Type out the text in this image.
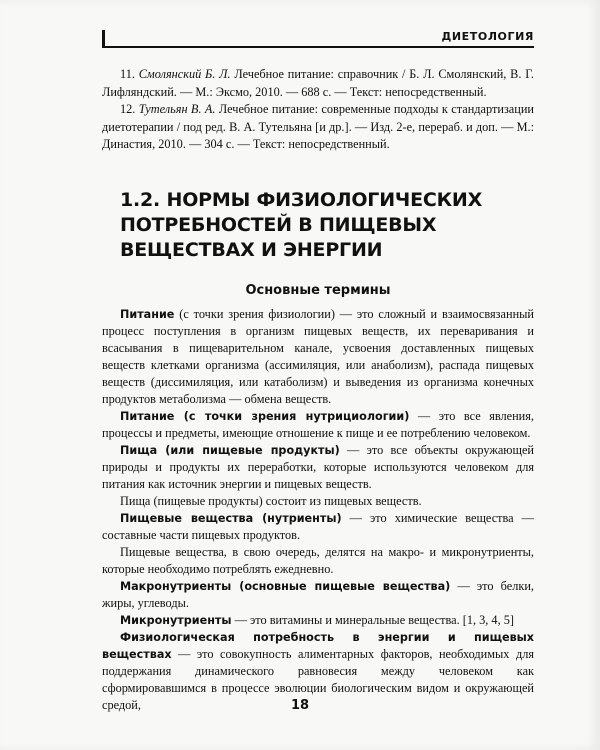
ДИЕТОЛОГИЯ

11. Смолянский Б. Л. Лечебное питание: справочник / Б. Л. Смолянский, В. Г. Лифляндский. — М.: Эксмо, 2010. — 688 с. — Текст: непосредственный.

12. Тутельян В. А. Лечебное питание: современные подходы к стандартизации диетотерапии / под ред. В. А. Тутельяна [и др.]. — Изд. 2-е, перераб. и доп. — М.: Династия, 2010. — 304 с. — Текст: непосредственный.

1.2. НОРМЫ ФИЗИОЛОГИЧЕСКИХ ПОТРЕБНОСТЕЙ В ПИЩЕВЫХ ВЕЩЕСТВАХ И ЭНЕРГИИ
Основные термины

Питание (с точки зрения физиологии) — это сложный и взаимосвязанный процесс поступления в организм пищевых веществ, их переваривания и всасывания в пищеварительном канале, усвоения доставленных пищевых веществ клетками организма (ассимиляция, или анаболизм), распада пищевых веществ (диссимиляция, или катаболизм) и выведения из организма конечных продуктов метаболизма — обмена веществ.

Питание (с точки зрения нутрициологии) — это все явления, процессы и предметы, имеющие отношение к пище и ее потреблению человеком.

Пища (или пищевые продукты) — это все объекты окружающей природы и продукты их переработки, которые используются человеком для питания как источник энергии и пищевых веществ.

Пища (пищевые продукты) состоит из пищевых веществ.

Пищевые вещества (нутриенты) — это химические вещества — составные части пищевых продуктов.

Пищевые вещества, в свою очередь, делятся на макро- и микронутриенты, которые необходимо потреблять ежедневно.

Макронутриенты (основные пищевые вещества) — это белки, жиры, углеводы.

Микронутриенты — это витамины и минеральные вещества. [1, 3, 4, 5]

Физиологическая потребность в энергии и пищевых веществах — это совокупность алиментарных факторов, необходимых для поддержания динамического равновесия между человеком как сформировавшимся в процессе эволюции биологическим видом и окружающей средой,	18
